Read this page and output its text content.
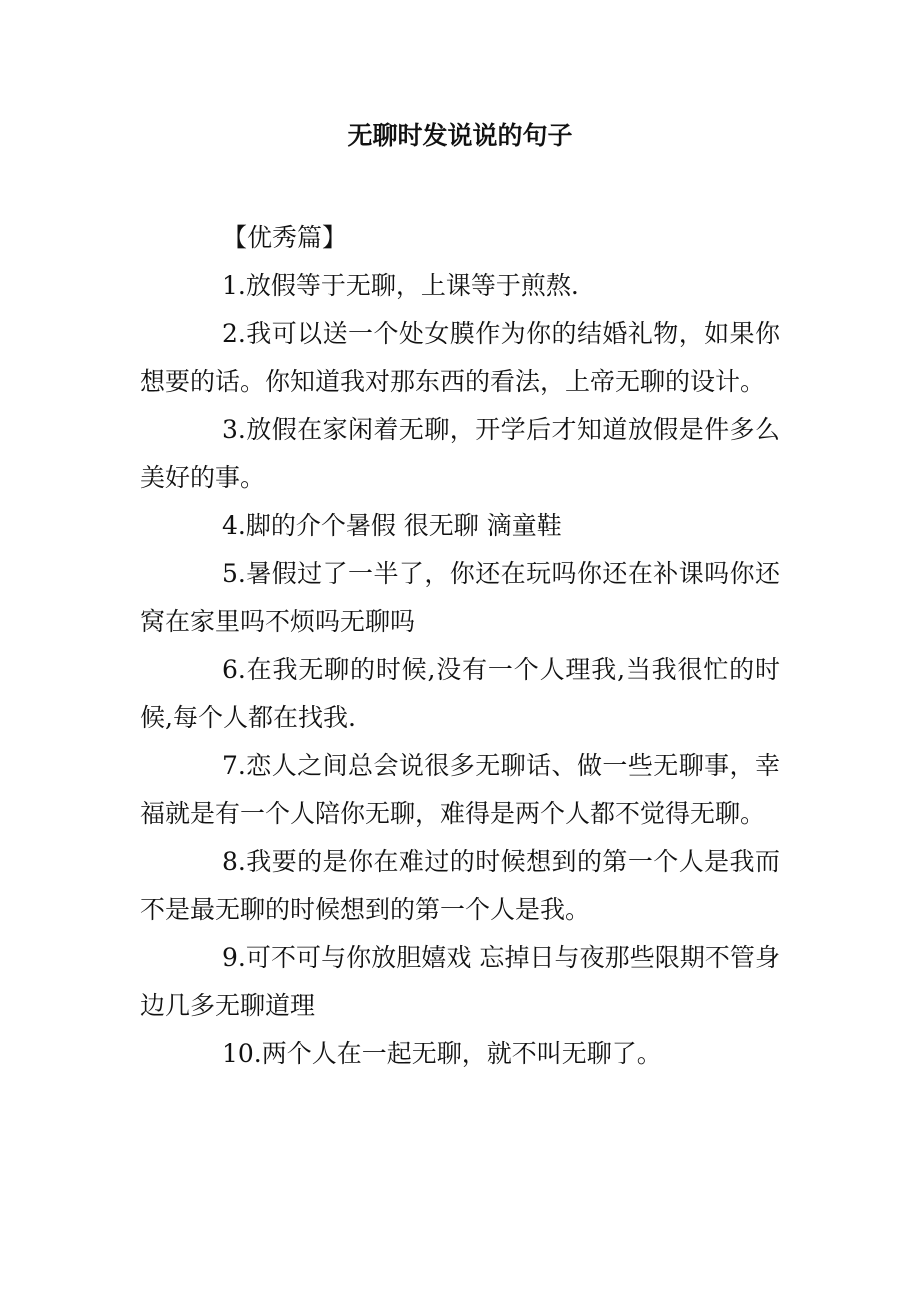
无聊时发说说的句子

【优秀篇】

1.放假等于无聊，上课等于煎熬.

2.我可以送一个处女膜作为你的结婚礼物，如果你想要的话。你知道我对那东西的看法，上帝无聊的设计。

3.放假在家闲着无聊，开学后才知道放假是件多么美好的事。

4.脚的介个暑假 很无聊 滴童鞋

5.暑假过了一半了，你还在玩吗你还在补课吗你还窝在家里吗不烦吗无聊吗

6.在我无聊的时候,没有一个人理我,当我很忙的时候,每个人都在找我.

7.恋人之间总会说很多无聊话、做一些无聊事，幸福就是有一个人陪你无聊，难得是两个人都不觉得无聊。

8.我要的是你在难过的时候想到的第一个人是我而不是最无聊的时候想到的第一个人是我。

9.可不可与你放胆嬉戏 忘掉日与夜那些限期不管身边几多无聊道理

10.两个人在一起无聊，就不叫无聊了。
